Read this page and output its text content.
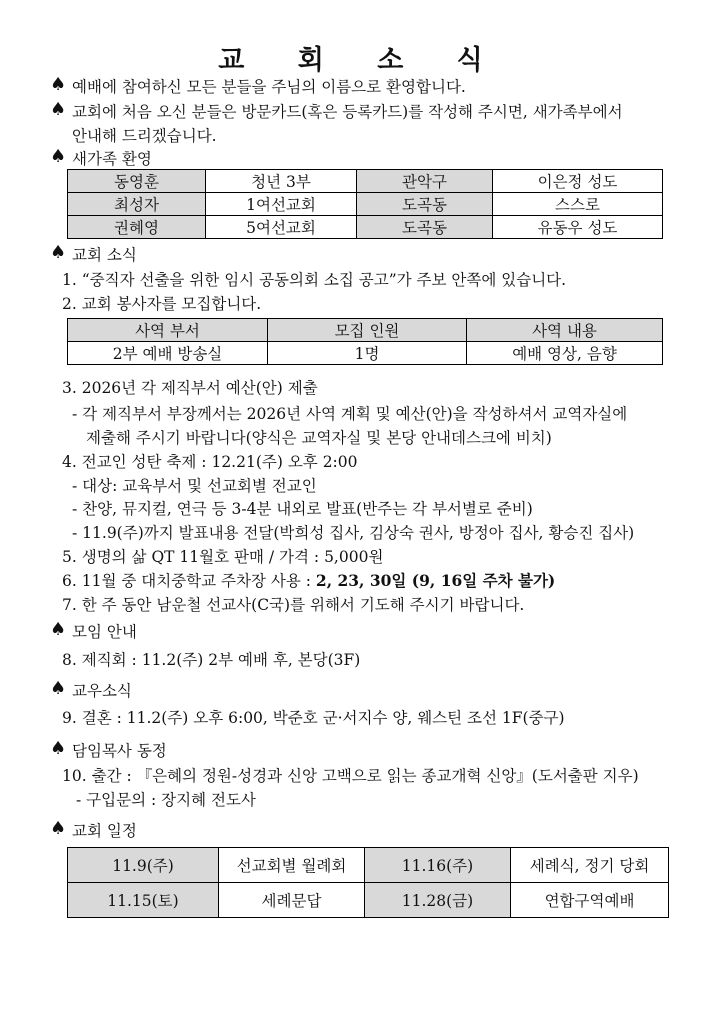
교 회 소 식
♠ 예배에 참여하신 모든 분들을 주님의 이름으로 환영합니다.
♠ 교회에 처음 오신 분들은 방문카드(혹은 등록카드)를 작성해 주시면, 새가족부에서
안내해 드리겠습니다.
♠ 새가족 환영
동영훈	청년 3부	관악구	이은정 성도
최성자	1여선교회	도곡동	스스로
권혜영	5여선교회	도곡동	유동우 성도
♠ 교회 소식
1. “중직자 선출을 위한 임시 공동의회 소집 공고”가 주보 안쪽에 있습니다.
2. 교회 봉사자를 모집합니다.
사역 부서	모집 인원	사역 내용
2부 예배 방송실	1명	예배 영상, 음향
3. 2026년 각 제직부서 예산(안) 제출
- 각 제직부서 부장께서는 2026년 사역 계획 및 예산(안)을 작성하셔서 교역자실에
제출해 주시기 바랍니다(양식은 교역자실 및 본당 안내데스크에 비치)
4. 전교인 성탄 축제 : 12.21(주) 오후 2:00
- 대상: 교육부서 및 선교회별 전교인
- 찬양, 뮤지컬, 연극 등 3-4분 내외로 발표(반주는 각 부서별로 준비)
- 11.9(주)까지 발표내용 전달(박희성 집사, 김상숙 권사, 방정아 집사, 황승진 집사)
5. 생명의 삶 QT 11월호 판매 / 가격 : 5,000원
6. 11월 중 대치중학교 주차장 사용 : 2, 23, 30일 (9, 16일 주차 불가)
7. 한 주 동안 남운철 선교사(C국)를 위해서 기도해 주시기 바랍니다.
♠ 모임 안내
8. 제직회 : 11.2(주) 2부 예배 후, 본당(3F)
♠ 교우소식
9. 결혼 : 11.2(주) 오후 6:00, 박준호 군·서지수 양, 웨스틴 조선 1F(중구)
♠ 담임목사 동정
10. 출간 : 『은혜의 정원-성경과 신앙 고백으로 읽는 종교개혁 신앙』(도서출판 지우)
- 구입문의 : 장지혜 전도사
♠ 교회 일정
11.9(주)	선교회별 월례회	11.16(주)	세례식, 정기 당회
11.15(토)	세례문답	11.28(금)	연합구역예배
